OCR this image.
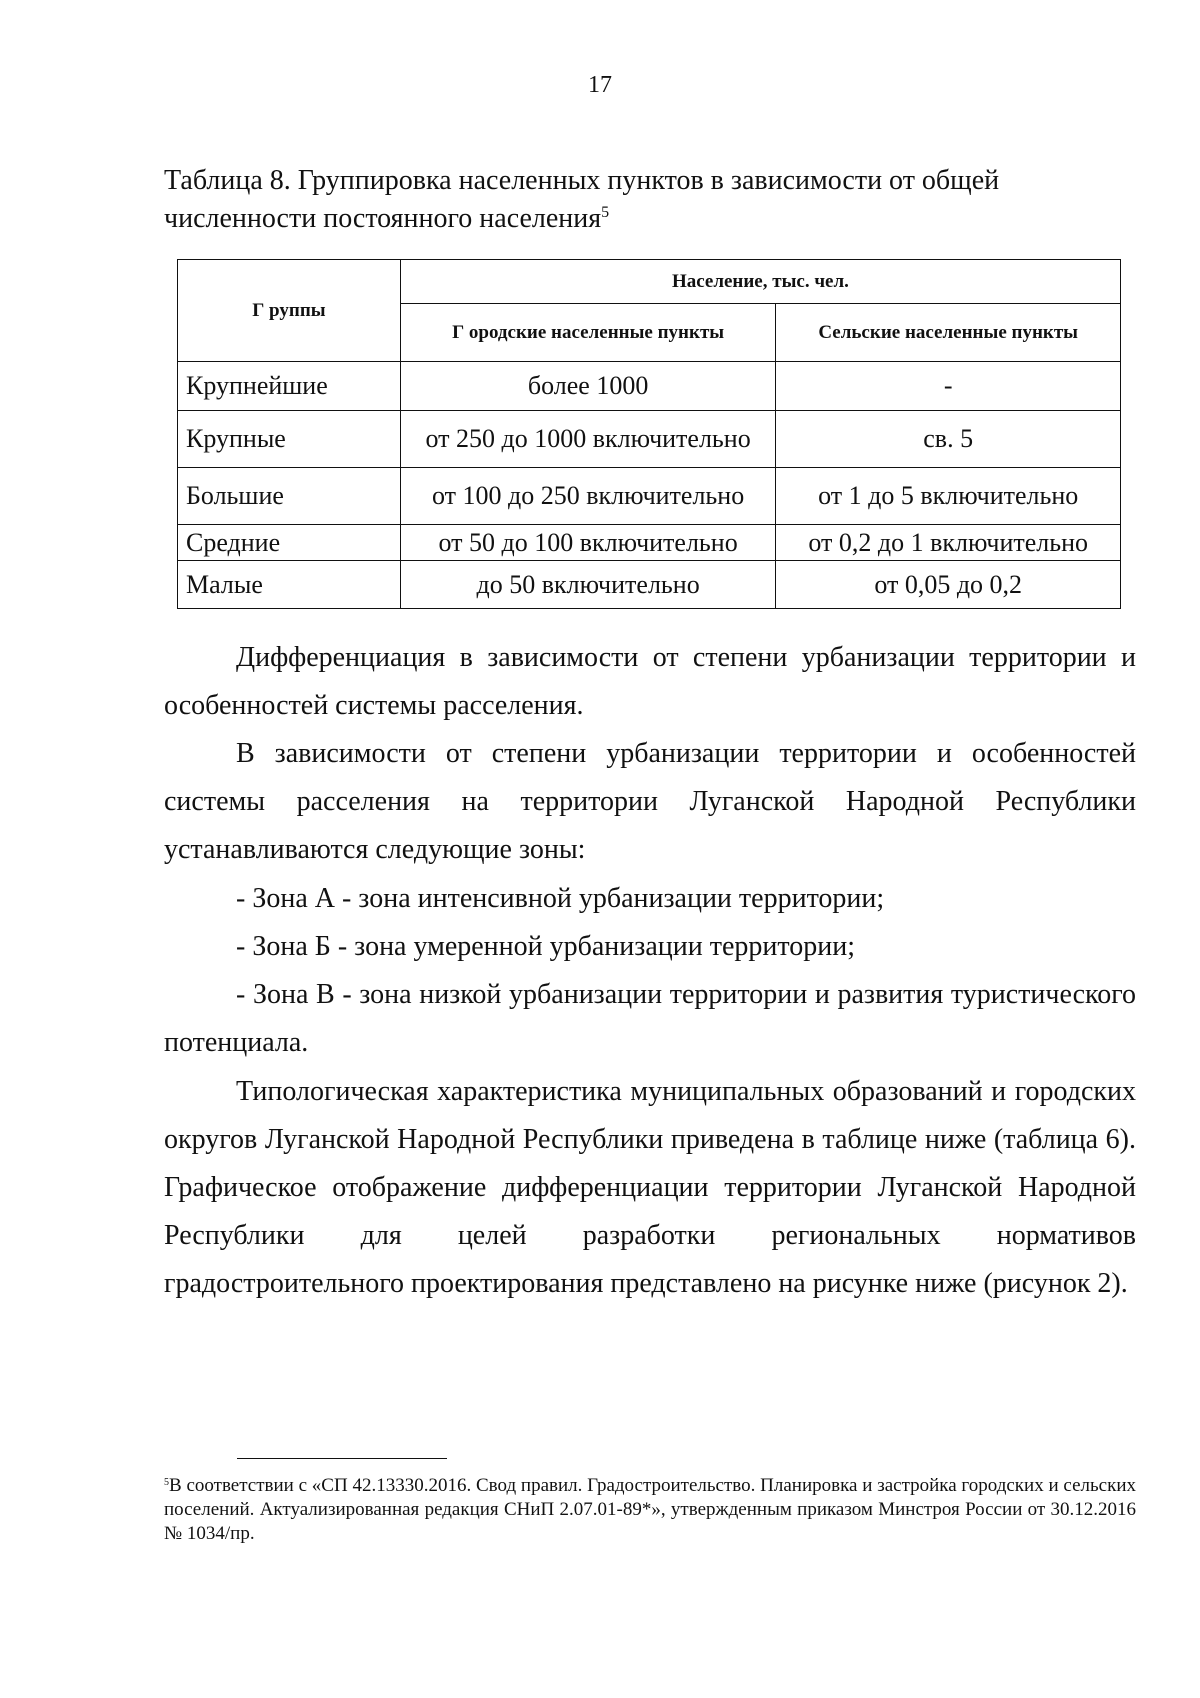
17
Таблица 8. Группировка населенных пунктов в зависимости от общей численности постоянного населения$^5$
Г руппы	Население, тыс. чел.	
	Г ородские населенные пункты	Сельские населенные пункты
Крупнейшие	более 1000	-
Крупные	от 250 до 1000 включительно	св. 5
Большие	от 100 до 250 включительно	от 1 до 5 включительно
Средние	от 50 до 100 включительно	от 0,2 до 1 включительно
Малые	до 50 включительно	от 0,05 до 0,2
Дифференциация в зависимости от степени урбанизации территории и особенностей системы расселения.
В зависимости от степени урбанизации территории и особенностей системы расселения на территории Луганской Народной Республики устанавливаются следующие зоны:
- Зона А - зона интенсивной урбанизации территории;
- Зона Б - зона умеренной урбанизации территории;
- Зона В - зона низкой урбанизации территории и развития туристического потенциала.
Типологическая характеристика муниципальных образований и городских округов Луганской Народной Республики приведена в таблице ниже (таблица 6). Графическое отображение дифференциации территории Луганской Народной Республики для целей разработки региональных нормативов градостроительного проектирования представлено на рисунке ниже (рисунок 2).
$^5$В соответствии с «СП 42.13330.2016. Свод правил. Градостроительство. Планировка и застройка городских и сельских поселений. Актуализированная редакция СНиП 2.07.01-89*», утвержденным приказом Минстроя России от 30.12.2016 № 1034/пр.
